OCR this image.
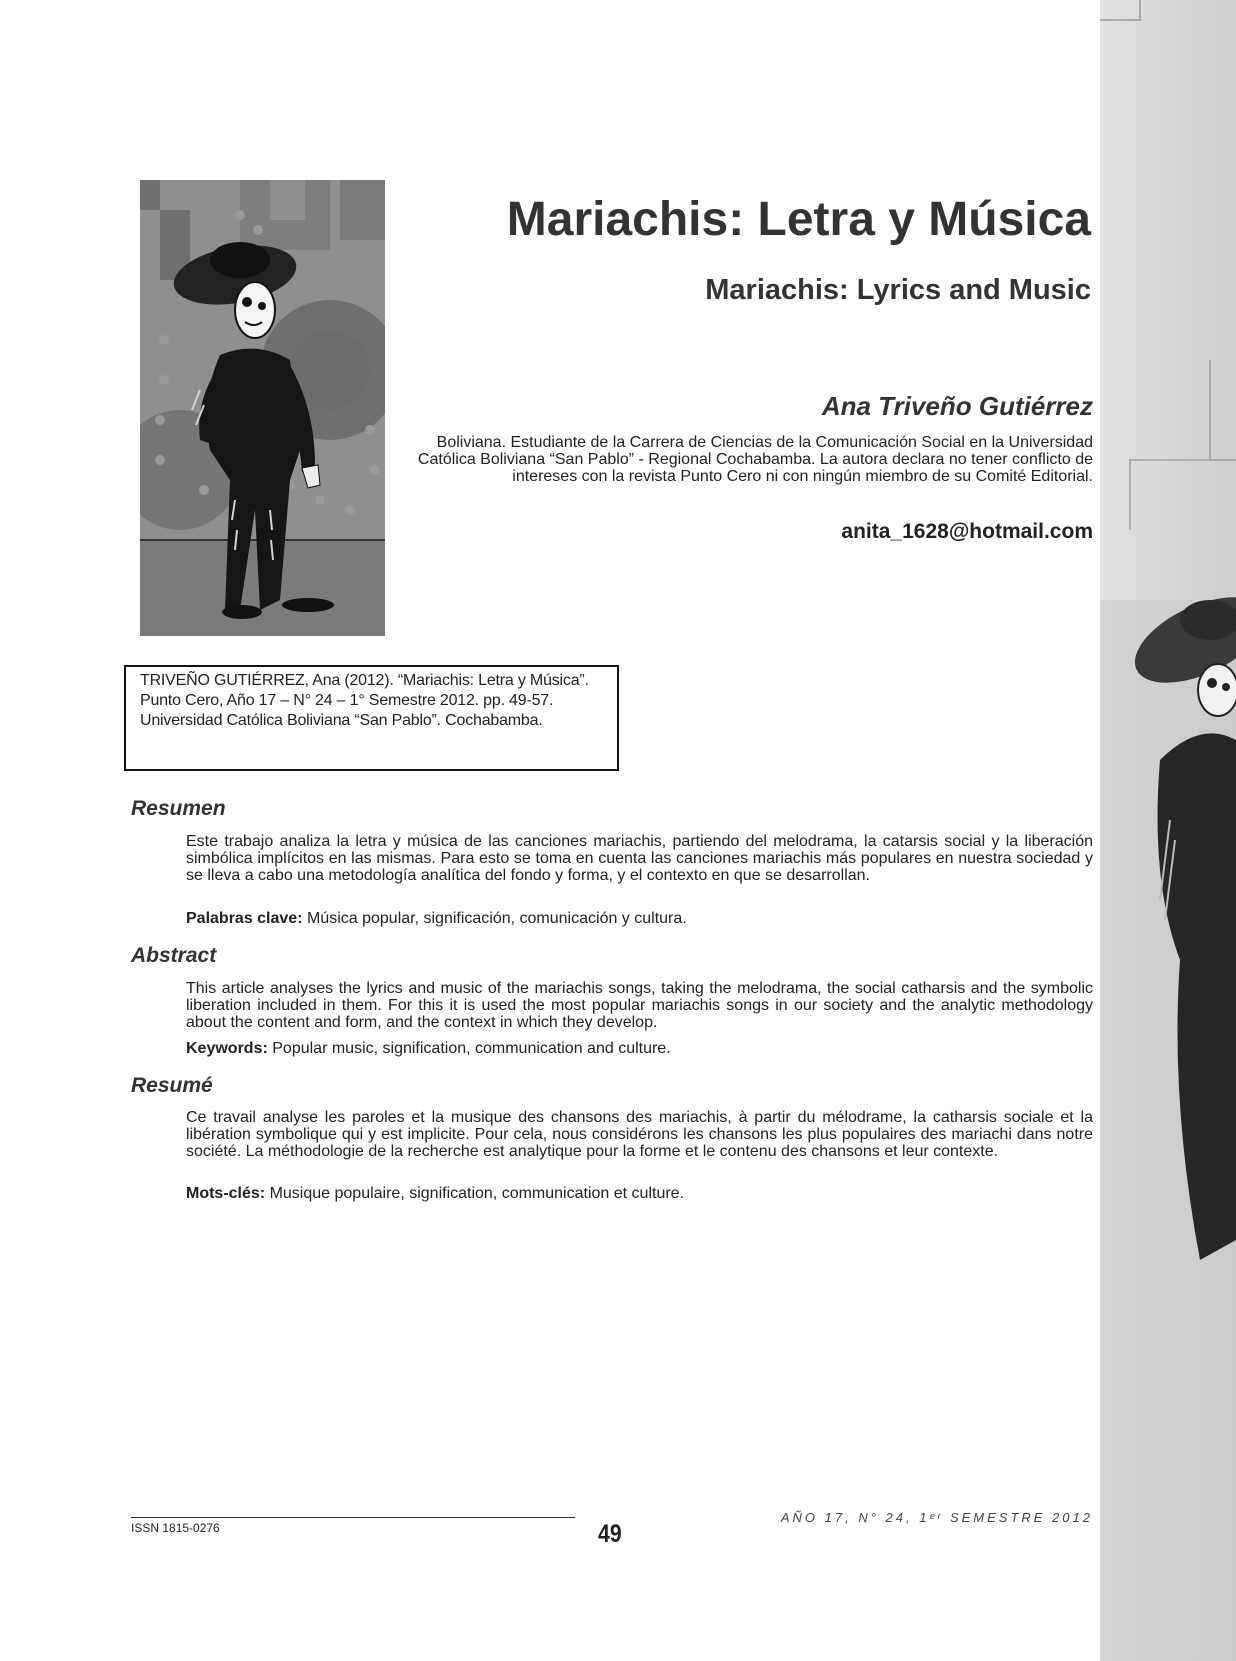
Mariachis: Letra y Música
Mariachis: Lyrics and Music
Ana Triveño Gutiérrez

Boliviana. Estudiante de la Carrera de Ciencias de la Comunicación Social en la Universidad Católica Boliviana “San Pablo” - Regional Cochabamba. La autora declara no tener conflicto de intereses con la revista Punto Cero ni con ningún miembro de su Comité Editorial.

anita_1628@hotmail.com
TRIVEÑO GUTIÉRREZ, Ana (2012). “Mariachis: Letra y Música”.
Punto Cero, Año 17 – N° 24 – 1° Semestre 2012. pp. 49-57.
Universidad Católica Boliviana “San Pablo”. Cochabamba.
Resumen

Este trabajo analiza la letra y música de las canciones mariachis, partiendo del melodrama, la catarsis social y la liberación simbólica implícitos en las mismas. Para esto se toma en cuenta las canciones mariachis más populares en nuestra sociedad y se lleva a cabo una metodología analítica del fondo y forma, y el contexto en que se desarrollan.

Palabras clave: Música popular, significación, comunicación y cultura.

Abstract

This article analyses the lyrics and music of the mariachis songs, taking the melodrama, the social catharsis and the symbolic liberation included in them. For this it is used the most popular mariachis songs in our society and the analytic methodology about the content and form, and the context in which they develop.

Keywords: Popular music, signification, communication and culture.

Resumé

Ce travail analyse les paroles et la musique des chansons des mariachis, à partir du mélodrame, la catharsis sociale et la libération symbolique qui y est implicite. Pour cela, nous considérons les chansons les plus populaires des mariachi dans notre société. La méthodologie de la recherche est analytique pour la forme et le contenu des chansons et leur contexte.

Mots-clés: Musique populaire, signification, communication et culture.

ISSN 1815-0276	49
AÑO 17, N° 24, 1ᵉʳ SEMESTRE 2012
